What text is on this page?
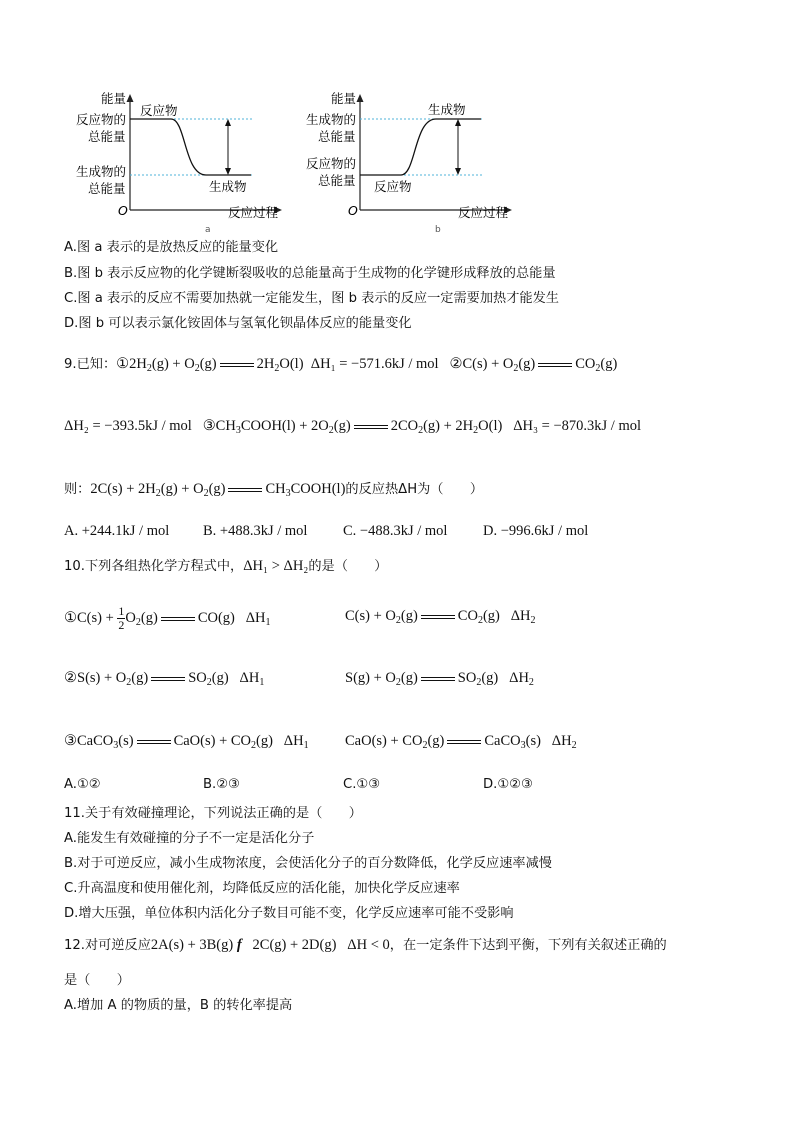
能量
反应物的
总能量
生成物的
总能量
反应物
生成物
O	反应过程
a
能量
生成物的
总能量
反应物的
总能量
生成物
反应物
O	反应过程
b
A.图 a 表示的是放热反应的能量变化
B.图 b 表示反应物的化学键断裂吸收的总能量高于生成物的化学键形成释放的总能量
C.图 a 表示的反应不需要加热就一定能发生，图 b 表示的反应一定需要加热才能发生
D.图 b 可以表示氯化铵固体与氢氧化钡晶体反应的能量变化
9.已知：$①2H_2(g) + O_2(g)$	$2H_2O(l) \Delta H_1 = -571.6kJ$ / mol   ②C(s) + $O_2(g)$	$CO_2(g)$
ΔH₂ = −393.5kJ / mol   $③CH_3COOH(l) + 2O_2(g)$	$2CO_2(g) + 2H_2O(l) \Delta H_3 = -870.3kJ$ / mol
则：$2C(s) + 2H_2(g) + O_2(g)$	$CH_3COOH(l)$的反应热ΔH为（　　）
A. +244.1kJ / mol B. +488.3kJ / mol C. −488.3kJ / mol D. −996.6kJ / mol
10.下列各组热化学方程式中，ΔH₁ > ΔH₂的是（　　）
①C(s) + $\frac{1}{2} O_2(g)$	CO(g)   $\Delta H_1$	$C(s) + O_2(g)$	$CO_2(g)$   $\Delta H_2$
②S(s) + $O_2(g)$	$SO_2(g)$   $\Delta H_1$	$S(g) + O_2(g)$	$SO_2(g)$   $\Delta H_2$
③CaCO$_3$(s)	$CaO(s) + CO_2(g)$   $\Delta H_1$	$CaO(s) + CO_2(g)$	CaCO$_3$(s)   $\Delta H_2$
A.①②	B.②③	C.①③	D.①②③
11.关于有效碰撞理论，下列说法正确的是（　　）
A.能发生有效碰撞的分子不一定是活化分子
B.对于可逆反应，减小生成物浓度，会使活化分子的百分数降低，化学反应速率减慢
C.升高温度和使用催化剂，均降低反应的活化能，加快化学反应速率
D.增大压强，单位体积内活化分子数目可能不变，化学反应速率可能不受影响
12.对可逆反应2A(s) + 3B(g) f   2C(g) + 2D(g)   ΔH < 0，在一定条件下达到平衡，下列有关叙述正确的
是（　　）
A.增加 A 的物质的量，B 的转化率提高
